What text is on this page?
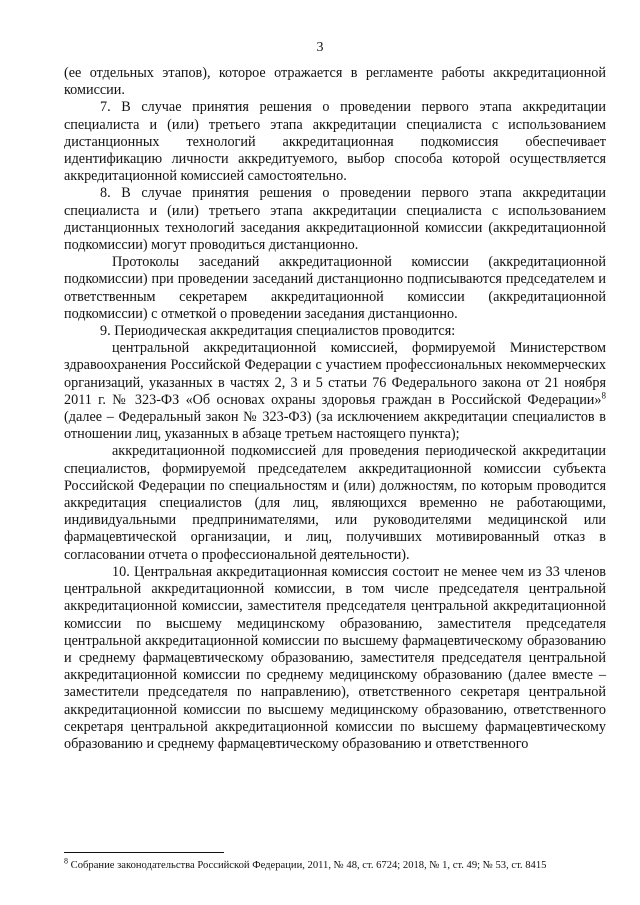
3

(ее отдельных этапов), которое отражается в регламенте работы аккредитационной комиссии.

7. В случае принятия решения о проведении первого этапа аккредитации специалиста и (или) третьего этапа аккредитации специалиста с использованием дистанционных технологий аккредитационная подкомиссия обеспечивает идентификацию личности аккредитуемого, выбор способа которой осуществляется аккредитационной комиссией самостоятельно.

8. В случае принятия решения о проведении первого этапа аккредитации специалиста и (или) третьего этапа аккредитации специалиста с использованием дистанционных технологий заседания аккредитационной комиссии (аккредитационной подкомиссии) могут проводиться дистанционно.

Протоколы заседаний аккредитационной комиссии (аккредитационной подкомиссии) при проведении заседаний дистанционно подписываются председателем и ответственным секретарем аккредитационной комиссии (аккредитационной подкомиссии) с отметкой о проведении заседания дистанционно.

9. Периодическая аккредитация специалистов проводится:

центральной аккредитационной комиссией, формируемой Министерством здравоохранения Российской Федерации с участием профессиональных некоммерческих организаций, указанных в частях 2, 3 и 5 статьи 76 Федерального закона от 21 ноября 2011 г. № 323-ФЗ «Об основах охраны здоровья граждан в Российской Федерации»$^8$ (далее – Федеральный закон № 323-ФЗ) (за исключением аккредитации специалистов в отношении лиц, указанных в абзаце третьем настоящего пункта);

аккредитационной подкомиссией для проведения периодической аккредитации специалистов, формируемой председателем аккредитационной комиссии субъекта Российской Федерации по специальностям и (или) должностям, по которым проводится аккредитация специалистов (для лиц, являющихся временно не работающими, индивидуальными предпринимателями, или руководителями медицинской или фармацевтической организации, и лиц, получивших мотивированный отказ в согласовании отчета о профессиональной деятельности).

10. Центральная аккредитационная комиссия состоит не менее чем из 33 членов центральной аккредитационной комиссии, в том числе председателя центральной аккредитационной комиссии, заместителя председателя центральной аккредитационной комиссии по высшему медицинскому образованию, заместителя председателя центральной аккредитационной комиссии по высшему фармацевтическому образованию и среднему фармацевтическому образованию, заместителя председателя центральной аккредитационной комиссии по среднему медицинскому образованию (далее вместе – заместители председателя по направлению), ответственного секретаря центральной аккредитационной комиссии по высшему медицинскому образованию, ответственного секретаря центральной аккредитационной комиссии по высшему фармацевтическому образованию и среднему фармацевтическому образованию и ответственного

$^8$ Собрание законодательства Российской Федерации, 2011, № 48, ст. 6724; 2018, № 1, ст. 49; № 53, ст. 8415
